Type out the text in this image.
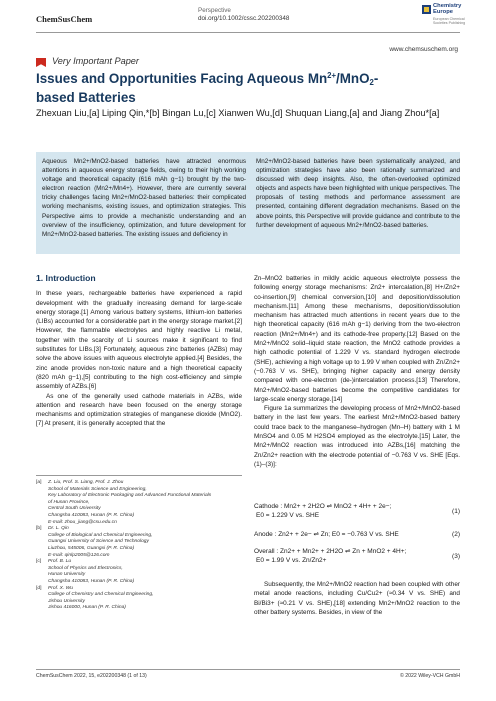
ChemSusChem
Perspective
doi.org/10.1002/cssc.202200348
Chemistry
Europe
European Chemical
Societies Publishing
www.chemsuschem.org
Very Important Paper
Issues and Opportunities Facing Aqueous $Mn^{2+}/MnO_2-$
based Batteries
Zhexuan Liu,[a] Liping Qin,*[b] Bingan Lu,[c] Xianwen Wu,[d] Shuquan Liang,[a] and Jiang Zhou*[a]
Aqueous Mn2+/MnO2-based batteries have attracted enormous attentions in aqueous energy storage fields, owing to their high working voltage and theoretical capacity (616 mAh g−1) brought by the two-electron reaction (Mn2+/Mn4+). However, there are currently several tricky challenges facing Mn2+/MnO2-based batteries: their complicated working mechanisms, existing issues, and optimization strategies. This Perspective aims to provide a mechanistic understanding and an overview of the insufficiency, optimization, and future development for Mn2+/MnO2-based batteries. The existing issues and deficiency in
Mn2+/MnO2-based batteries have been systematically analyzed, and optimization strategies have also been rationally summarized and discussed with deep insights. Also, the often-overlooked optimized objects and aspects have been highlighted with unique perspectives. The proposals of testing methods and performance assessment are presented, containing different degradation mechanisms. Based on the above points, this Perspective will provide guidance and contribute to the further development of aqueous Mn2+/MnO2-based batteries.
1. Introduction

In these years, rechargeable batteries have experienced a rapid development with the gradually increasing demand for large-scale energy storage.[1] Among various battery systems, lithium-ion batteries (LIBs) accounted for a considerable part in the energy storage market.[2] However, the flammable electrolytes and highly reactive Li metal, together with the scarcity of Li sources make it significant to find substitutes for LIBs.[3] Fortunately, aqueous zinc batteries (AZBs) may solve the above issues with aqueous electrolyte applied.[4] Besides, the zinc anode provides non-toxic nature and a high theoretical capacity (820 mAh g−1),[5] contributing to the high cost-efficiency and simple assembly of AZBs.[6]

As one of the generally used cathode materials in AZBs, wide attention and research have been focused on the energy storage mechanisms and optimization strategies of manganese dioxide (MnO2).[7] At present, it is generally accepted that the

Zn–MnO2 batteries in mildly acidic aqueous electrolyte possess the following energy storage mechanisms: Zn2+ intercalation,[8] H+/Zn2+ co-insertion,[9] chemical conversion,[10] and deposition/dissolution mechanism.[11] Among these mechanisms, deposition/dissolution mechanism has attracted much attentions in recent years due to the high theoretical capacity (616 mAh g−1) deriving from the two-electron reaction (Mn2+/Mn4+) and its cathode-free property.[12] Based on the Mn2+/MnO2 solid–liquid state reaction, the MnO2 cathode provides a high cathodic potential of 1.229 V vs. standard hydrogen electrode (SHE), achieving a high voltage up to 1.99 V when coupled with Zn/Zn2+ (−0.763 V vs. SHE), bringing higher capacity and energy density compared with one-electron (de-)intercalation process.[13] Therefore, Mn2+/MnO2-based batteries become the competitive candidates for large-scale energy storage.[14]

Figure 1a summarizes the developing process of Mn2+/MnO2-based battery in the last few years. The earliest Mn2+/MnO2-based battery could trace back to the manganese–hydrogen (Mn–H) battery with 1 M MnSO4 and 0.05 M H2SO4 employed as the electrolyte.[15] Later, the Mn2+/MnO2 reaction was introduced into AZBs,[16] matching the Zn/Zn2+ reaction with the electrode potential of −0.763 V vs. SHE [Eqs. (1)–(3)]:

Cathode : Mn2+ + 2H2O ⇌ MnO2 + 4H+ + 2e−;
E0 = 1.229 V vs. SHE
(1)
Anode : Zn2+ + 2e− ⇌ Zn; E0 = −0.763 V vs. SHE	(2)
Overall : Zn2+ + Mn2+ + 2H2O ⇌ Zn + MnO2 + 4H+;
E0 = 1.99 V vs. Zn/Zn2+
(3)
Subsequently, the Mn2+/MnO2 reaction had been coupled with other metal anode reactions, including Cu/Cu2+ (≈0.34 V vs. SHE) and Bi/Bi3+ (≈0.21 V vs. SHE),[18] extending Mn2+/MnO2 reaction to the other battery systems. Besides, in view of the
[a]	Z. Liu, Prof. S. Liang, Prof. J. Zhou
School of Materials Science and Engineering,
Key Laboratory of Electronic Packaging and Advanced Functional Materials
of Hunan Province,
Central South University
Changsha 410083, Hunan (P. R. China)
E-mail: zhou_jiang@csu.edu.cn
[b]	Dr. L. Qin
College of Biological and Chemical Engineering,
Guangxi University of Science and Technology
Liuzhou, 545006, Guangxi (P. R. China)
E-mail: qinlp2005@126.com
[c]	Prof. B. Lu
School of Physics and Electronics,
Hunan University
Changsha 410083, Hunan (P. R. China)
[d]	Prof. X. Wu
College of Chemistry and Chemical Engineering,
Jishou University
Jishou 416000, Hunan (P. R. China)
ChemSusChem 2022, 15, e202200348 (1 of 13)	© 2022 Wiley-VCH GmbH
